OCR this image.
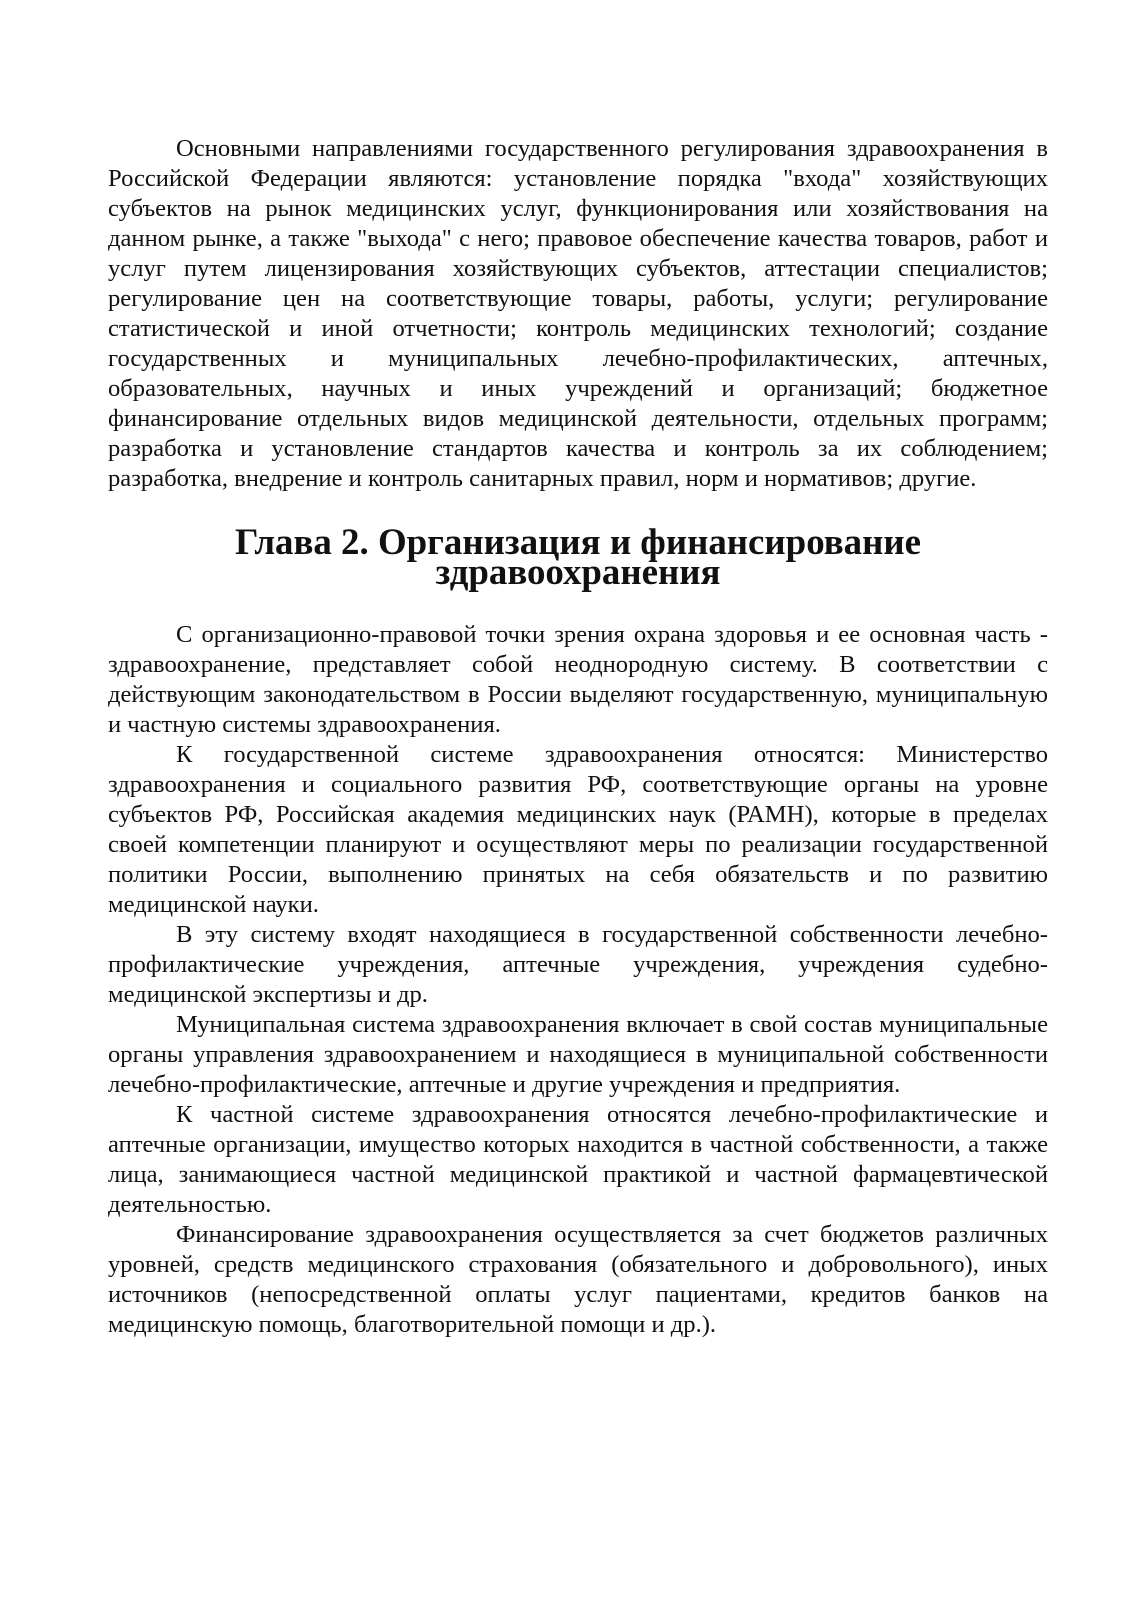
Основными направлениями государственного регулирования здравоохранения в Российской Федерации являются: установление порядка "входа" хозяйствующих субъектов на рынок медицинских услуг, функционирования или хозяйствования на данном рынке, а также "выхода" с него; правовое обеспечение качества товаров, работ и услуг путем лицензирования хозяйствующих субъектов, аттестации специалистов; регулирование цен на соответствующие товары, работы, услуги; регулирование статистической и иной отчетности; контроль медицинских технологий; создание государственных и муниципальных лечебно-профилактических, аптечных, образовательных, научных и иных учреждений и организаций; бюджетное финансирование отдельных видов медицинской деятельности, отдельных программ; разработка и установление стандартов качества и контроль за их соблюдением; разработка, внедрение и контроль санитарных правил, норм и нормативов; другие.

Глава 2. Организация и финансирование здравоохранения

С организационно-правовой точки зрения охрана здоровья и ее основная часть - здравоохранение, представляет собой неоднородную систему. В соответствии с действующим законодательством в России выделяют государственную, муниципальную и частную системы здравоохранения.

К государственной системе здравоохранения относятся: Министерство здравоохранения и социального развития РФ, соответствующие органы на уровне субъектов РФ, Российская академия медицинских наук (РАМН), которые в пределах своей компетенции планируют и осуществляют меры по реализации государственной политики России, выполнению принятых на себя обязательств и по развитию медицинской науки.

В эту систему входят находящиеся в государственной собственности лечебно-профилактические учреждения, аптечные учреждения, учреждения судебно-медицинской экспертизы и др.

Муниципальная система здравоохранения включает в свой состав муниципальные органы управления здравоохранением и находящиеся в муниципальной собственности лечебно-профилактические, аптечные и другие учреждения и предприятия.

К частной системе здравоохранения относятся лечебно-профилактические и аптечные организации, имущество которых находится в частной собственности, а также лица, занимающиеся частной медицинской практикой и частной фармацевтической деятельностью.

Финансирование здравоохранения осуществляется за счет бюджетов различных уровней, средств медицинского страхования (обязательного и добровольного), иных источников (непосредственной оплаты услуг пациентами, кредитов банков на медицинскую помощь, благотворительной помощи и др.).
